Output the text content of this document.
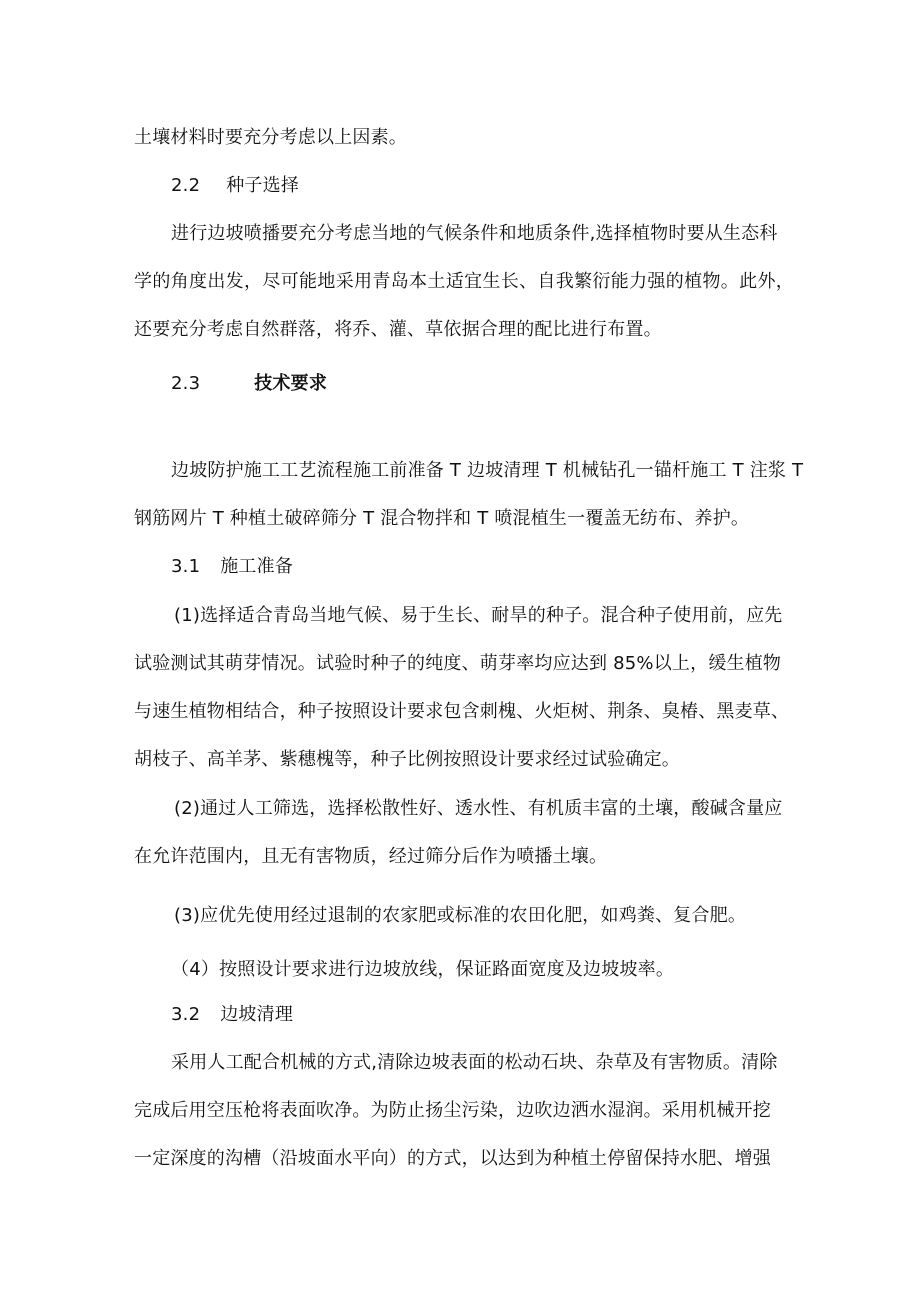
土壤材料时要充分考虑以上因素。
2.2 种子选择
进行边坡喷播要充分考虑当地的气候条件和地质条件,选择植物时要从生态科
学的角度出发，尽可能地采用青岛本土适宜生长、自我繁衍能力强的植物。此外，
还要充分考虑自然群落，将乔、灌、草依据合理的配比进行布置。
2.3	技术要求
边坡防护施工工艺流程施工前准备 T 边坡清理 T 机械钻孔一锚杆施工 T 注浆 T
钢筋网片 T 种植土破碎筛分 T 混合物拌和 T 喷混植生一覆盖无纺布、养护。
3.1 施工准备
(1)选择适合青岛当地气候、易于生长、耐旱的种子。混合种子使用前，应先
试验测试其萌芽情况。试验时种子的纯度、萌芽率均应达到 85%以上，缓生植物
与速生植物相结合，种子按照设计要求包含刺槐、火炬树、荆条、臭椿、黑麦草、
胡枝子、高羊茅、紫穗槐等，种子比例按照设计要求经过试验确定。
(2)通过人工筛选，选择松散性好、透水性、有机质丰富的土壤，酸碱含量应
在允许范围内，且无有害物质，经过筛分后作为喷播土壤。
(3)应优先使用经过退制的农家肥或标准的农田化肥，如鸡粪、复合肥。
（4）按照设计要求进行边坡放线，保证路面宽度及边坡坡率。
3.2 边坡清理
采用人工配合机械的方式,清除边坡表面的松动石块、杂草及有害物质。清除
完成后用空压枪将表面吹净。为防止扬尘污染，边吹边洒水湿润。采用机械开挖
一定深度的沟槽（沿坡面水平向）的方式，以达到为种植土停留保持水肥、增强
